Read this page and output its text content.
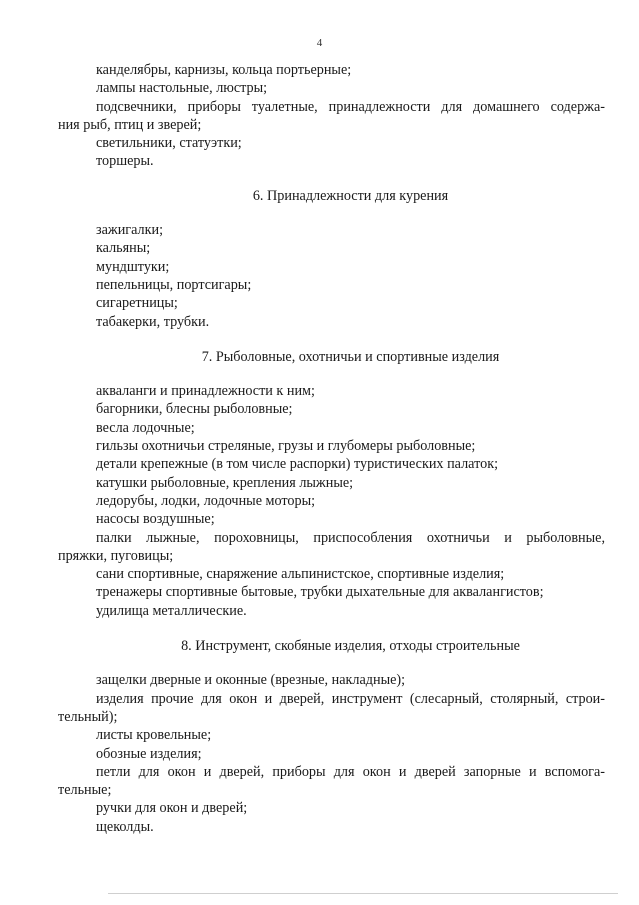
4
канделябры, карнизы, кольца портьерные;
лампы настольные, люстры;
подсвечники, приборы туалетные, принадлежности для домашнего содержа-
ния рыб, птиц и зверей;
светильники, статуэтки;
торшеры.
6. Принадлежности для курения
зажигалки;
кальяны;
мундштуки;
пепельницы, портсигары;
сигаретницы;
табакерки, трубки.
7. Рыболовные, охотничьи и спортивные изделия
акваланги и принадлежности к ним;
багорники, блесны рыболовные;
весла лодочные;
гильзы охотничьи стреляные, грузы и глубомеры рыболовные;
детали крепежные (в том числе распорки) туристических палаток;
катушки рыболовные, крепления лыжные;
ледорубы, лодки, лодочные моторы;
насосы воздушные;
палки лыжные, пороховницы, приспособления охотничьи и рыболовные,
пряжки, пуговицы;
сани спортивные, снаряжение альпинистское, спортивные изделия;
тренажеры спортивные бытовые, трубки дыхательные для аквалангистов;
удилища металлические.
8. Инструмент, скобяные изделия, отходы строительные
защелки дверные и оконные (врезные, накладные);
изделия прочие для окон и дверей, инструмент (слесарный, столярный, строи-
тельный);
листы кровельные;
обозные изделия;
петли для окон и дверей, приборы для окон и дверей запорные и вспомога-
тельные;
ручки для окон и дверей;
щеколды.
